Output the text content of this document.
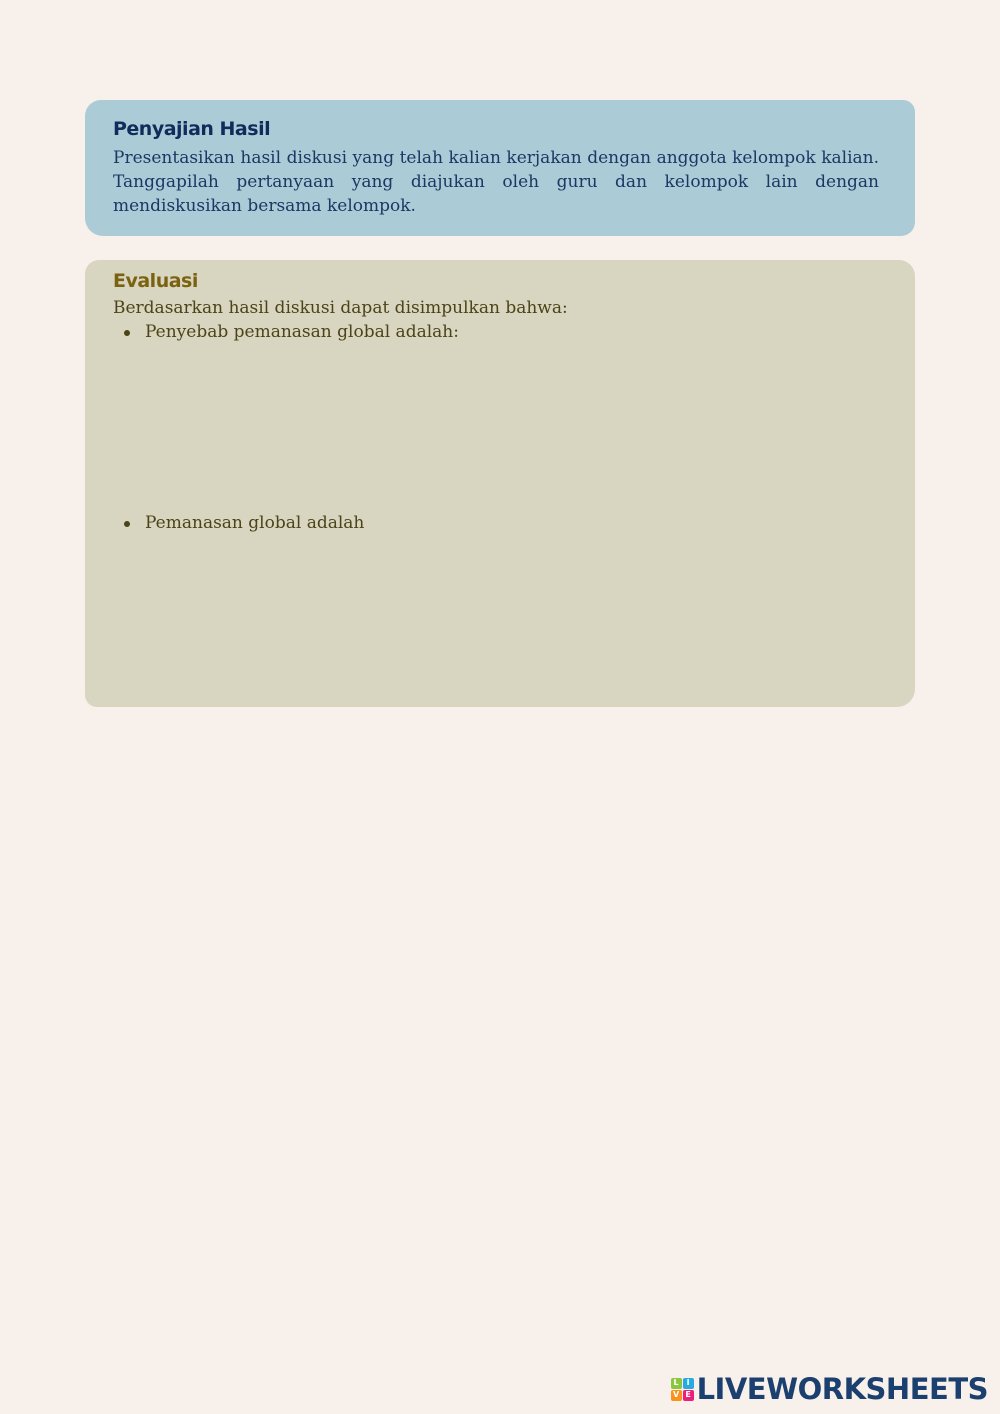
Penyajian Hasil

Presentasikan hasil diskusi yang telah kalian kerjakan dengan anggota kelompok kalian. Tanggapilah pertanyaan yang diajukan oleh guru dan kelompok lain dengan mendiskusikan bersama kelompok.

Evaluasi

Berdasarkan hasil diskusi dapat disimpulkan bahwa:

Penyebab pemanasan global adalah:
Pemanasan global adalah
L I
V E LIVEWORKSHEETS
